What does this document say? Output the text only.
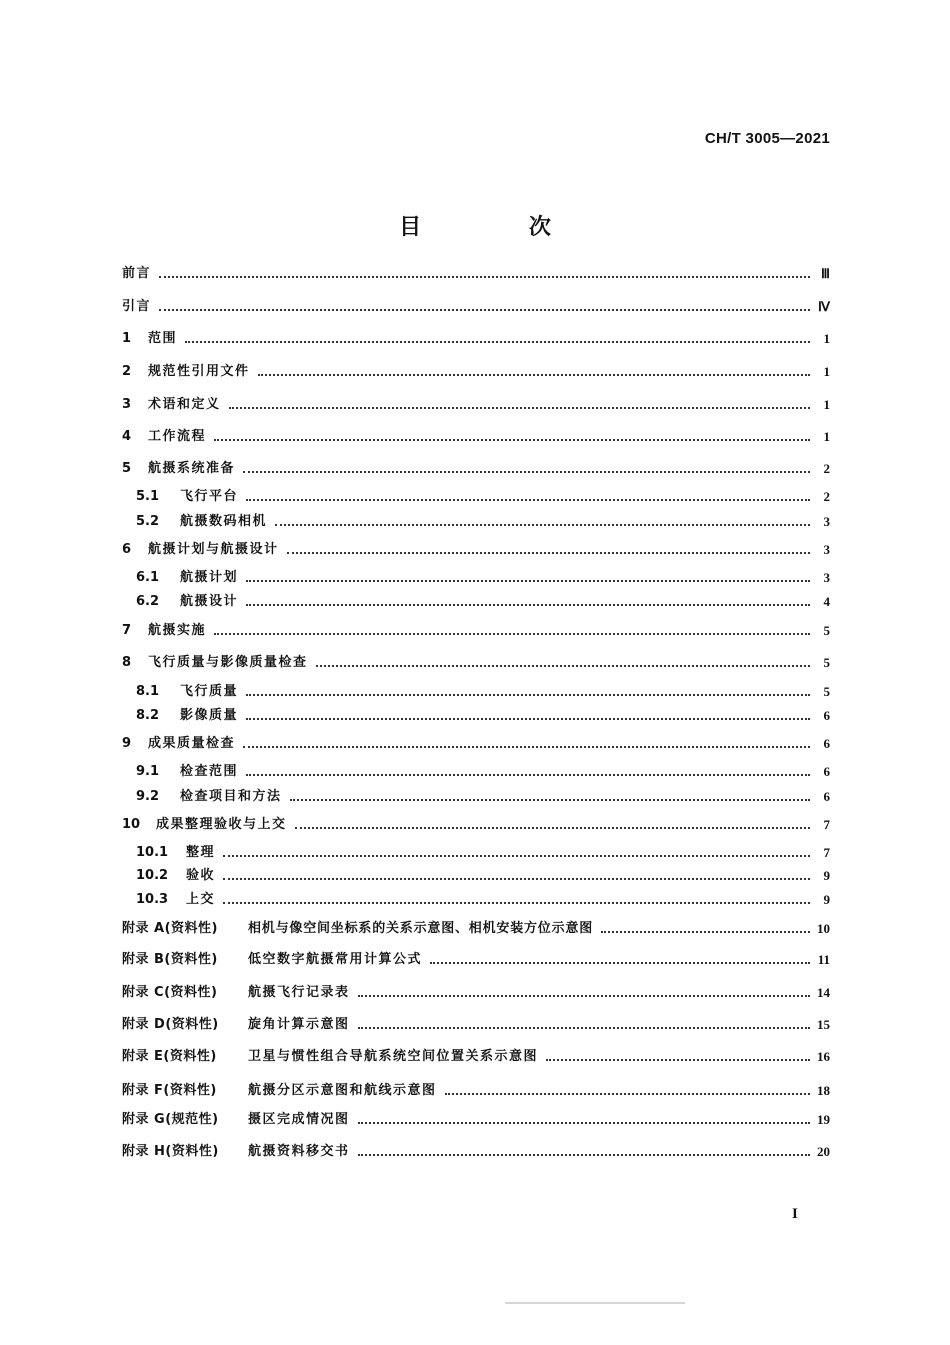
CH/T 3005—2021
目 次
前言	Ⅲ
引言	Ⅳ
1	范围	1
2	规范性引用文件	1
3	术语和定义	1
4	工作流程	1
5	航摄系统准备	2
5.1	飞行平台	2
5.2	航摄数码相机	3
6	航摄计划与航摄设计	3
6.1	航摄计划	3
6.2	航摄设计	4
7	航摄实施	5
8	飞行质量与影像质量检查	5
8.1	飞行质量	5
8.2	影像质量	6
9	成果质量检查	6
9.1	检查范围	6
9.2	检查项目和方法	6
10	成果整理验收与上交	7
10.1	整理	7
10.2	验收	9
10.3	上交	9
附录 A(资料性)	相机与像空间坐标系的关系示意图、相机安装方位示意图	10
附录 B(资料性)	低空数字航摄常用计算公式	11
附录 C(资料性)	航摄飞行记录表	14
附录 D(资料性)	旋角计算示意图	15
附录 E(资料性)	卫星与惯性组合导航系统空间位置关系示意图	16
附录 F(资料性)	航摄分区示意图和航线示意图	18
附录 G(规范性)	摄区完成情况图	19
附录 H(资料性)	航摄资料移交书	20
I
